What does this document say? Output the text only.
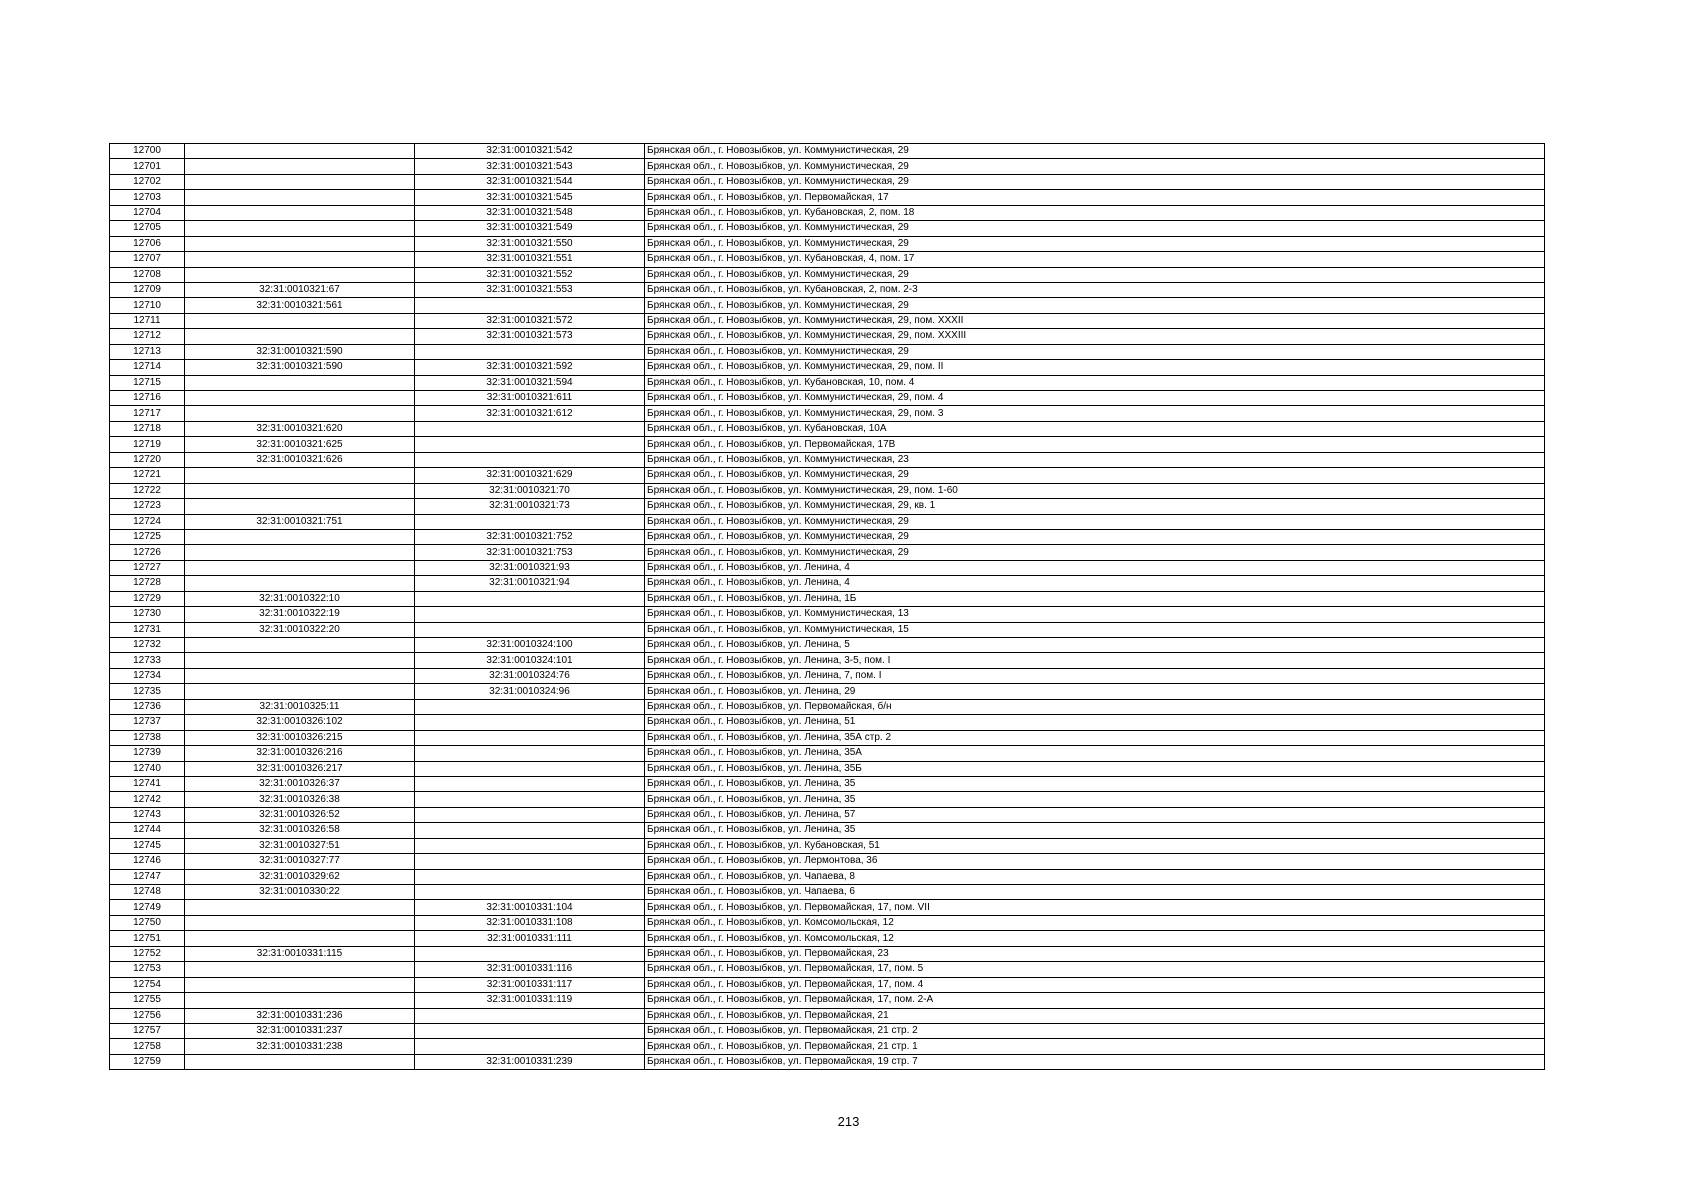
12700		32:31:0010321:542	Брянская обл., г. Новозыбков, ул. Коммунистическая, 29
12701		32:31:0010321:543	Брянская обл., г. Новозыбков, ул. Коммунистическая, 29
12702		32:31:0010321:544	Брянская обл., г. Новозыбков, ул. Коммунистическая, 29
12703		32:31:0010321:545	Брянская обл., г. Новозыбков, ул. Первомайская, 17
12704		32:31:0010321:548	Брянская обл., г. Новозыбков, ул. Кубановская, 2, пом. 18
12705		32:31:0010321:549	Брянская обл., г. Новозыбков, ул. Коммунистическая, 29
12706		32:31:0010321:550	Брянская обл., г. Новозыбков, ул. Коммунистическая, 29
12707		32:31:0010321:551	Брянская обл., г. Новозыбков, ул. Кубановская, 4, пом. 17
12708		32:31:0010321:552	Брянская обл., г. Новозыбков, ул. Коммунистическая, 29
12709	32:31:0010321:67	32:31:0010321:553	Брянская обл., г. Новозыбков, ул. Кубановская, 2, пом. 2-3
12710	32:31:0010321:561		Брянская обл., г. Новозыбков, ул. Коммунистическая, 29
12711		32:31:0010321:572	Брянская обл., г. Новозыбков, ул. Коммунистическая, 29, пом. XXXII
12712		32:31:0010321:573	Брянская обл., г. Новозыбков, ул. Коммунистическая, 29, пом. XXXIII
12713	32:31:0010321:590		Брянская обл., г. Новозыбков, ул. Коммунистическая, 29
12714	32:31:0010321:590	32:31:0010321:592	Брянская обл., г. Новозыбков, ул. Коммунистическая, 29, пом. II
12715		32:31:0010321:594	Брянская обл., г. Новозыбков, ул. Кубановская, 10, пом. 4
12716		32:31:0010321:611	Брянская обл., г. Новозыбков, ул. Коммунистическая, 29, пом. 4
12717		32:31:0010321:612	Брянская обл., г. Новозыбков, ул. Коммунистическая, 29, пом. 3
12718	32:31:0010321:620		Брянская обл., г. Новозыбков, ул. Кубановская, 10А
12719	32:31:0010321:625		Брянская обл., г. Новозыбков, ул. Первомайская, 17В
12720	32:31:0010321:626		Брянская обл., г. Новозыбков, ул. Коммунистическая, 23
12721		32:31:0010321:629	Брянская обл., г. Новозыбков, ул. Коммунистическая, 29
12722		32:31:0010321:70	Брянская обл., г. Новозыбков, ул. Коммунистическая, 29, пом. 1-60
12723		32:31:0010321:73	Брянская обл., г. Новозыбков, ул. Коммунистическая, 29, кв. 1
12724	32:31:0010321:751		Брянская обл., г. Новозыбков, ул. Коммунистическая, 29
12725		32:31:0010321:752	Брянская обл., г. Новозыбков, ул. Коммунистическая, 29
12726		32:31:0010321:753	Брянская обл., г. Новозыбков, ул. Коммунистическая, 29
12727		32:31:0010321:93	Брянская обл., г. Новозыбков, ул. Ленина, 4
12728		32:31:0010321:94	Брянская обл., г. Новозыбков, ул. Ленина, 4
12729	32:31:0010322:10		Брянская обл., г. Новозыбков, ул. Ленина, 1Б
12730	32:31:0010322:19		Брянская обл., г. Новозыбков, ул. Коммунистическая, 13
12731	32:31:0010322:20		Брянская обл., г. Новозыбков, ул. Коммунистическая, 15
12732		32:31:0010324:100	Брянская обл., г. Новозыбков, ул. Ленина, 5
12733		32:31:0010324:101	Брянская обл., г. Новозыбков, ул. Ленина, 3-5, пом. I
12734		32:31:0010324:76	Брянская обл., г. Новозыбков, ул. Ленина, 7, пом. I
12735		32:31:0010324:96	Брянская обл., г. Новозыбков, ул. Ленина, 29
12736	32:31:0010325:11		Брянская обл., г. Новозыбков, ул. Первомайская, б/н
12737	32:31:0010326:102		Брянская обл., г. Новозыбков, ул. Ленина, 51
12738	32:31:0010326:215		Брянская обл., г. Новозыбков, ул. Ленина, 35А стр. 2
12739	32:31:0010326:216		Брянская обл., г. Новозыбков, ул. Ленина, 35А
12740	32:31:0010326:217		Брянская обл., г. Новозыбков, ул. Ленина, 35Б
12741	32:31:0010326:37		Брянская обл., г. Новозыбков, ул. Ленина, 35
12742	32:31:0010326:38		Брянская обл., г. Новозыбков, ул. Ленина, 35
12743	32:31:0010326:52		Брянская обл., г. Новозыбков, ул. Ленина, 57
12744	32:31:0010326:58		Брянская обл., г. Новозыбков, ул. Ленина, 35
12745	32:31:0010327:51		Брянская обл., г. Новозыбков, ул. Кубановская, 51
12746	32:31:0010327:77		Брянская обл., г. Новозыбков, ул. Лермонтова, 36
12747	32:31:0010329:62		Брянская обл., г. Новозыбков, ул. Чапаева, 8
12748	32:31:0010330:22		Брянская обл., г. Новозыбков, ул. Чапаева, 6
12749		32:31:0010331:104	Брянская обл., г. Новозыбков, ул. Первомайская, 17, пом. VII
12750		32:31:0010331:108	Брянская обл., г. Новозыбков, ул. Комсомольская, 12
12751		32:31:0010331:111	Брянская обл., г. Новозыбков, ул. Комсомольская, 12
12752	32:31:0010331:115		Брянская обл., г. Новозыбков, ул. Первомайская, 23
12753		32:31:0010331:116	Брянская обл., г. Новозыбков, ул. Первомайская, 17, пом. 5
12754		32:31:0010331:117	Брянская обл., г. Новозыбков, ул. Первомайская, 17, пом. 4
12755		32:31:0010331:119	Брянская обл., г. Новозыбков, ул. Первомайская, 17, пом. 2-А
12756	32:31:0010331:236		Брянская обл., г. Новозыбков, ул. Первомайская, 21
12757	32:31:0010331:237		Брянская обл., г. Новозыбков, ул. Первомайская, 21 стр. 2
12758	32:31:0010331:238		Брянская обл., г. Новозыбков, ул. Первомайская, 21 стр. 1
12759		32:31:0010331:239	Брянская обл., г. Новозыбков, ул. Первомайская, 19 стр. 7
213
